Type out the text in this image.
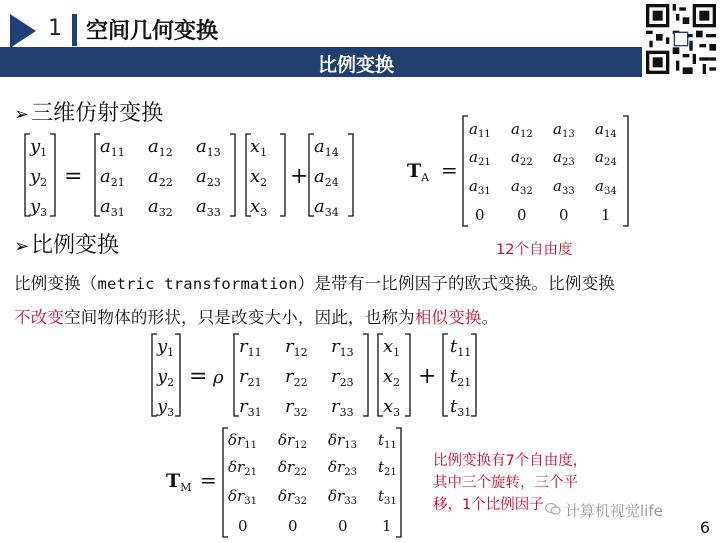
1 空间几何变换
比例变换
➢三维仿射变换
$y_1$
$y_2$
$y_3$
=
$a_{11}$ $a_{12}$ $a_{13}$
$a_{21}$ $a_{22}$ $a_{23}$
$a_{31}$ $a_{32}$ $a_{33}$
$x_1$
$x_2$
$x_3$
+
$a_{14}$
$a_{24}$
$a_{34}$
$T_A$ =
$a_{11}$ $a_{12}$ $a_{13}$ $a_{14}$
$a_{21}$ $a_{22}$ $a_{23}$ $a_{24}$
$a_{31}$ $a_{32}$ $a_{33}$ $a_{34}$
0 0 0 1
➢比例变换	12个自由度
比例变换（metric transformation）是带有一比例因子的欧式变换。比例变换
不改变空间物体的形状，只是改变大小，因此，也称为相似变换。
$y_1$
$y_2$
$y_3$
= ρ
$r_{11}$ $r_{12}$ $r_{13}$
$r_{21}$ $r_{22}$ $r_{23}$
$r_{31}$ $r_{32}$ $r_{33}$
$x_1$
$x_2$
$x_3$
+
$t_{11}$
$t_{21}$
$t_{31}$
$T_M$ =
$\delta r_{11}$ $\delta r_{12}$ $\delta r_{13}$ $t_{11}$
$\delta r_{21}$ $\delta r_{22}$ $\delta r_{23}$ $t_{21}$
$\delta r_{31}$ $\delta r_{32}$ $\delta r_{33}$ $t_{31}$
0	0	0 1
比例变换有7个自由度，
其中三个旋转，三个平
移，1个比例因子	计算机视觉life
6
